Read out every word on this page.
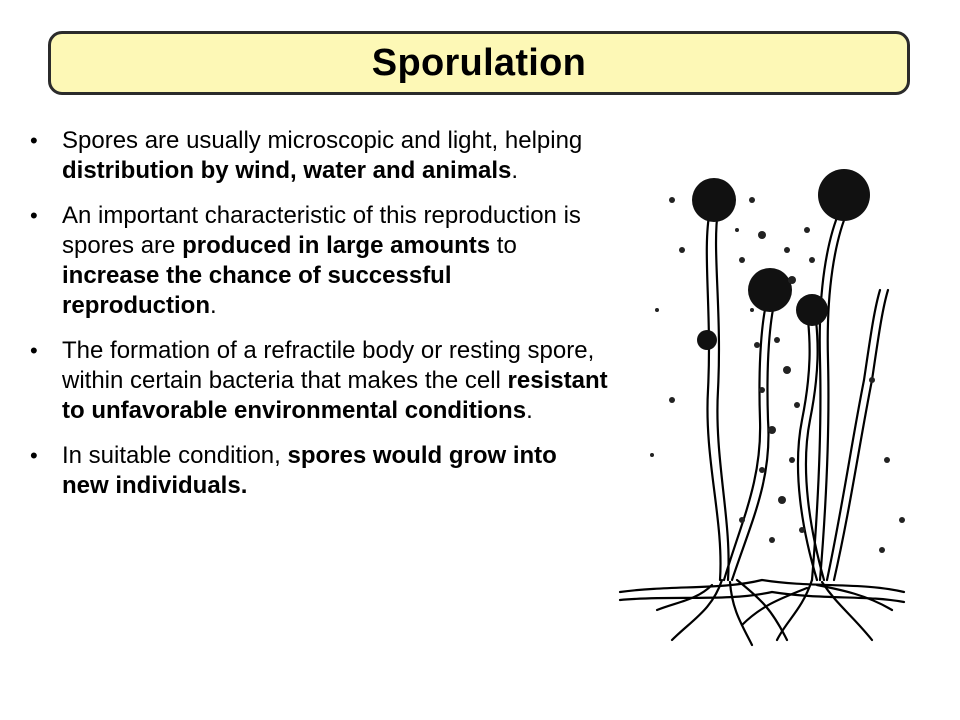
Sporulation
• Spores are usually microscopic and light, helping distribution by wind, water and animals.
• An important characteristic of this reproduction is spores are produced in large amounts to increase the chance of successful reproduction.
• The formation of a refractile body or resting spore, within certain bacteria that makes the cell resistant to unfavorable environmental conditions.
• In suitable condition, spores would grow into new individuals.
